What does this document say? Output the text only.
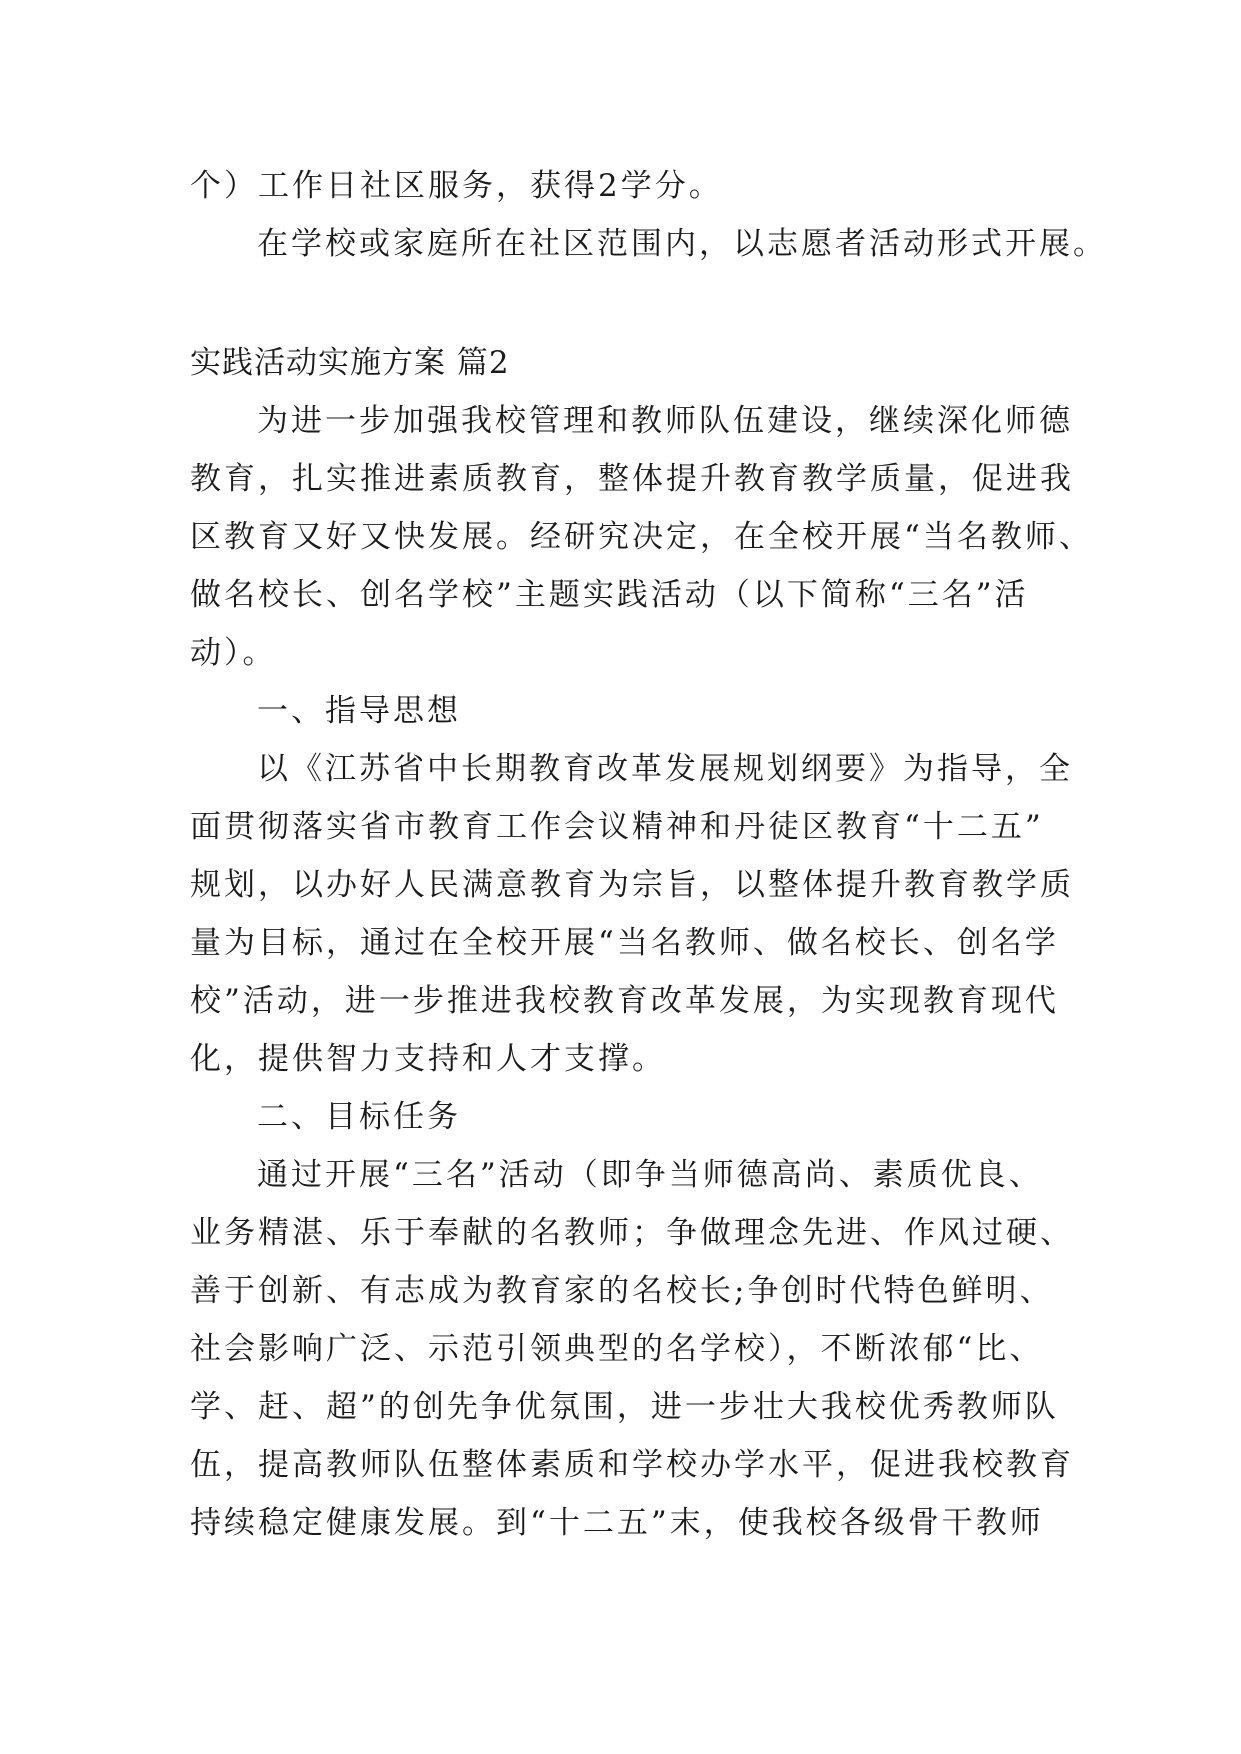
个）工作日社区服务，获得2学分。
在学校或家庭所在社区范围内，以志愿者活动形式开展。
实践活动实施方案 篇2
为进一步加强我校管理和教师队伍建设，继续深化师德
教育，扎实推进素质教育，整体提升教育教学质量，促进我
区教育又好又快发展。经研究决定，在全校开展“当名教师、
做名校长、创名学校”主题实践活动（以下简称“三名”活
动）。
一、指导思想
以《江苏省中长期教育改革发展规划纲要》为指导，全
面贯彻落实省市教育工作会议精神和丹徒区教育“十二五”
规划，以办好人民满意教育为宗旨，以整体提升教育教学质
量为目标，通过在全校开展“当名教师、做名校长、创名学
校”活动，进一步推进我校教育改革发展，为实现教育现代
化，提供智力支持和人才支撑。
二、目标任务
通过开展“三名”活动（即争当师德高尚、素质优良、
业务精湛、乐于奉献的名教师；争做理念先进、作风过硬、
善于创新、有志成为教育家的名校长;争创时代特色鲜明、
社会影响广泛、示范引领典型的名学校），不断浓郁“比、
学、赶、超”的创先争优氛围，进一步壮大我校优秀教师队
伍，提高教师队伍整体素质和学校办学水平，促进我校教育
持续稳定健康发展。到“十二五”末，使我校各级骨干教师
